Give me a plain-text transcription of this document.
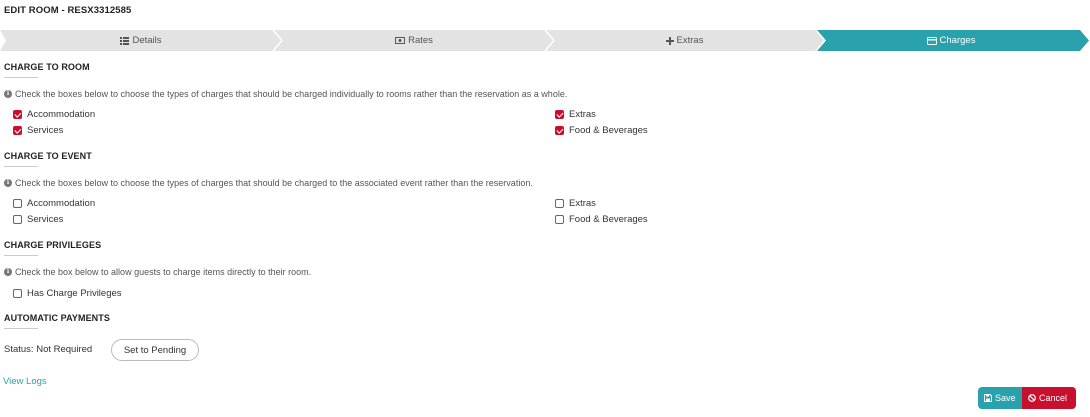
EDIT ROOM - RESX3312585
Details	Rates	Extras	Charges
CHARGE TO ROOM
i Check the boxes below to choose the types of charges that should be charged individually to rooms rather than the reservation as a whole.
Accommodation
Services
Extras
Food & Beverages
CHARGE TO EVENT
i Check the boxes below to choose the types of charges that should be charged to the associated event rather than the reservation.
Accommodation
Services
Extras
Food & Beverages
CHARGE PRIVILEGES
i Check the box below to allow guests to charge items directly to their room.
Has Charge Privileges
AUTOMATIC PAYMENTS
Status: Not Required	Set to Pending
View Logs
Save	Cancel
